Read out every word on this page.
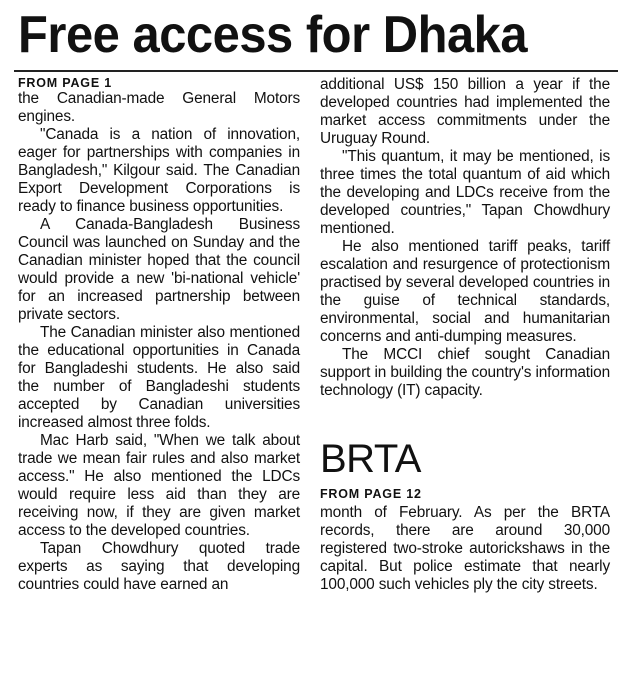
Free access for Dhaka
FROM PAGE 1

the Canadian-made General Motors engines.

"Canada is a nation of innovation, eager for partnerships with companies in Bangladesh," Kilgour said. The Canadian Export Development Corporations is ready to finance business opportunities.

A Canada-Bangladesh Business Council was launched on Sunday and the Canadian minister hoped that the council would provide a new 'bi-national vehicle' for an increased partnership between private sectors.

The Canadian minister also mentioned the educational opportunities in Canada for Bangladeshi students. He also said the number of Bangladeshi students accepted by Canadian universities increased almost three folds.

Mac Harb said, "When we talk about trade we mean fair rules and also market access." He also mentioned the LDCs would require less aid than they are receiving now, if they are given market access to the developed countries.

Tapan Chowdhury quoted trade experts as saying that developing countries could have earned an

additional US$ 150 billion a year if the developed countries had implemented the market access commitments under the Uruguay Round.

"This quantum, it may be mentioned, is three times the total quantum of aid which the developing and LDCs receive from the developed countries," Tapan Chowdhury mentioned.

He also mentioned tariff peaks, tariff escalation and resurgence of protectionism practised by several developed countries in the guise of technical standards, environmental, social and humanitarian concerns and anti-dumping measures.

The MCCI chief sought Canadian support in building the country's information technology (IT) capacity.

BRTA
FROM PAGE 12

month of February. As per the BRTA records, there are around 30,000 registered two-stroke autorickshaws in the capital. But police estimate that nearly 100,000 such vehicles ply the city streets.
